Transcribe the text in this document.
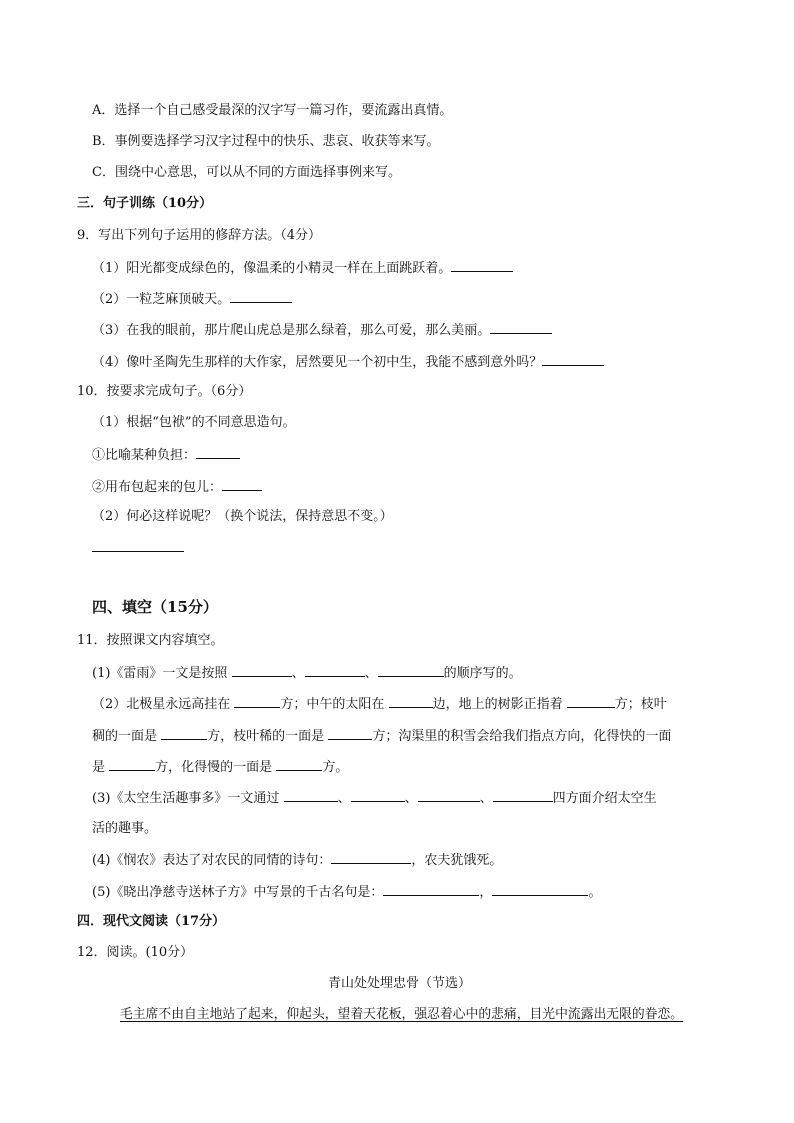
A．选择一个自己感受最深的汉字写一篇习作，要流露出真情。
B．事例要选择学习汉字过程中的快乐、悲哀、收获等来写。
C．围绕中心意思，可以从不同的方面选择事例来写。
三．句子训练（10分）
9．写出下列句子运用的修辞方法。（4分）
（1）阳光都变成绿色的，像温柔的小精灵一样在上面跳跃着。
（2）一粒芝麻顶破天。
（3）在我的眼前，那片爬山虎总是那么绿着，那么可爱，那么美丽。
（4）像叶圣陶先生那样的大作家，居然要见一个初中生，我能不感到意外吗？
10．按要求完成句子。（6分）
（1）根据“包袱”的不同意思造句。
①比喻某种负担：
②用布包起来的包儿：
（2）何必这样说呢？（换个说法，保持意思不变。）
四、填空（15分）
11．按照课文内容填空。
(1)《雷雨》一文是按照	、	、	的顺序写的。
（2）北极星永远高挂在	方；中午的太阳在	边，地上的树影正指着	方；枝叶
稠的一面是	方，枝叶稀的一面是	方；沟渠里的积雪会给我们指点方向，化得快的一面
是	方，化得慢的一面是	方。
(3)《太空生活趣事多》一文通过	、	、	、	四方面介绍太空生
活的趣事。
(4)《悯农》表达了对农民的同情的诗句：	，农夫犹饿死。
(5)《晓出净慈寺送林子方》中写景的千古名句是：	，	。
四．现代文阅读（17分）
12．阅读。(10分）
青山处处埋忠骨（节选）
毛主席不由自主地站了起来，仰起头，望着天花板，强忍着心中的悲痛，目光中流露出无限的眷恋。
